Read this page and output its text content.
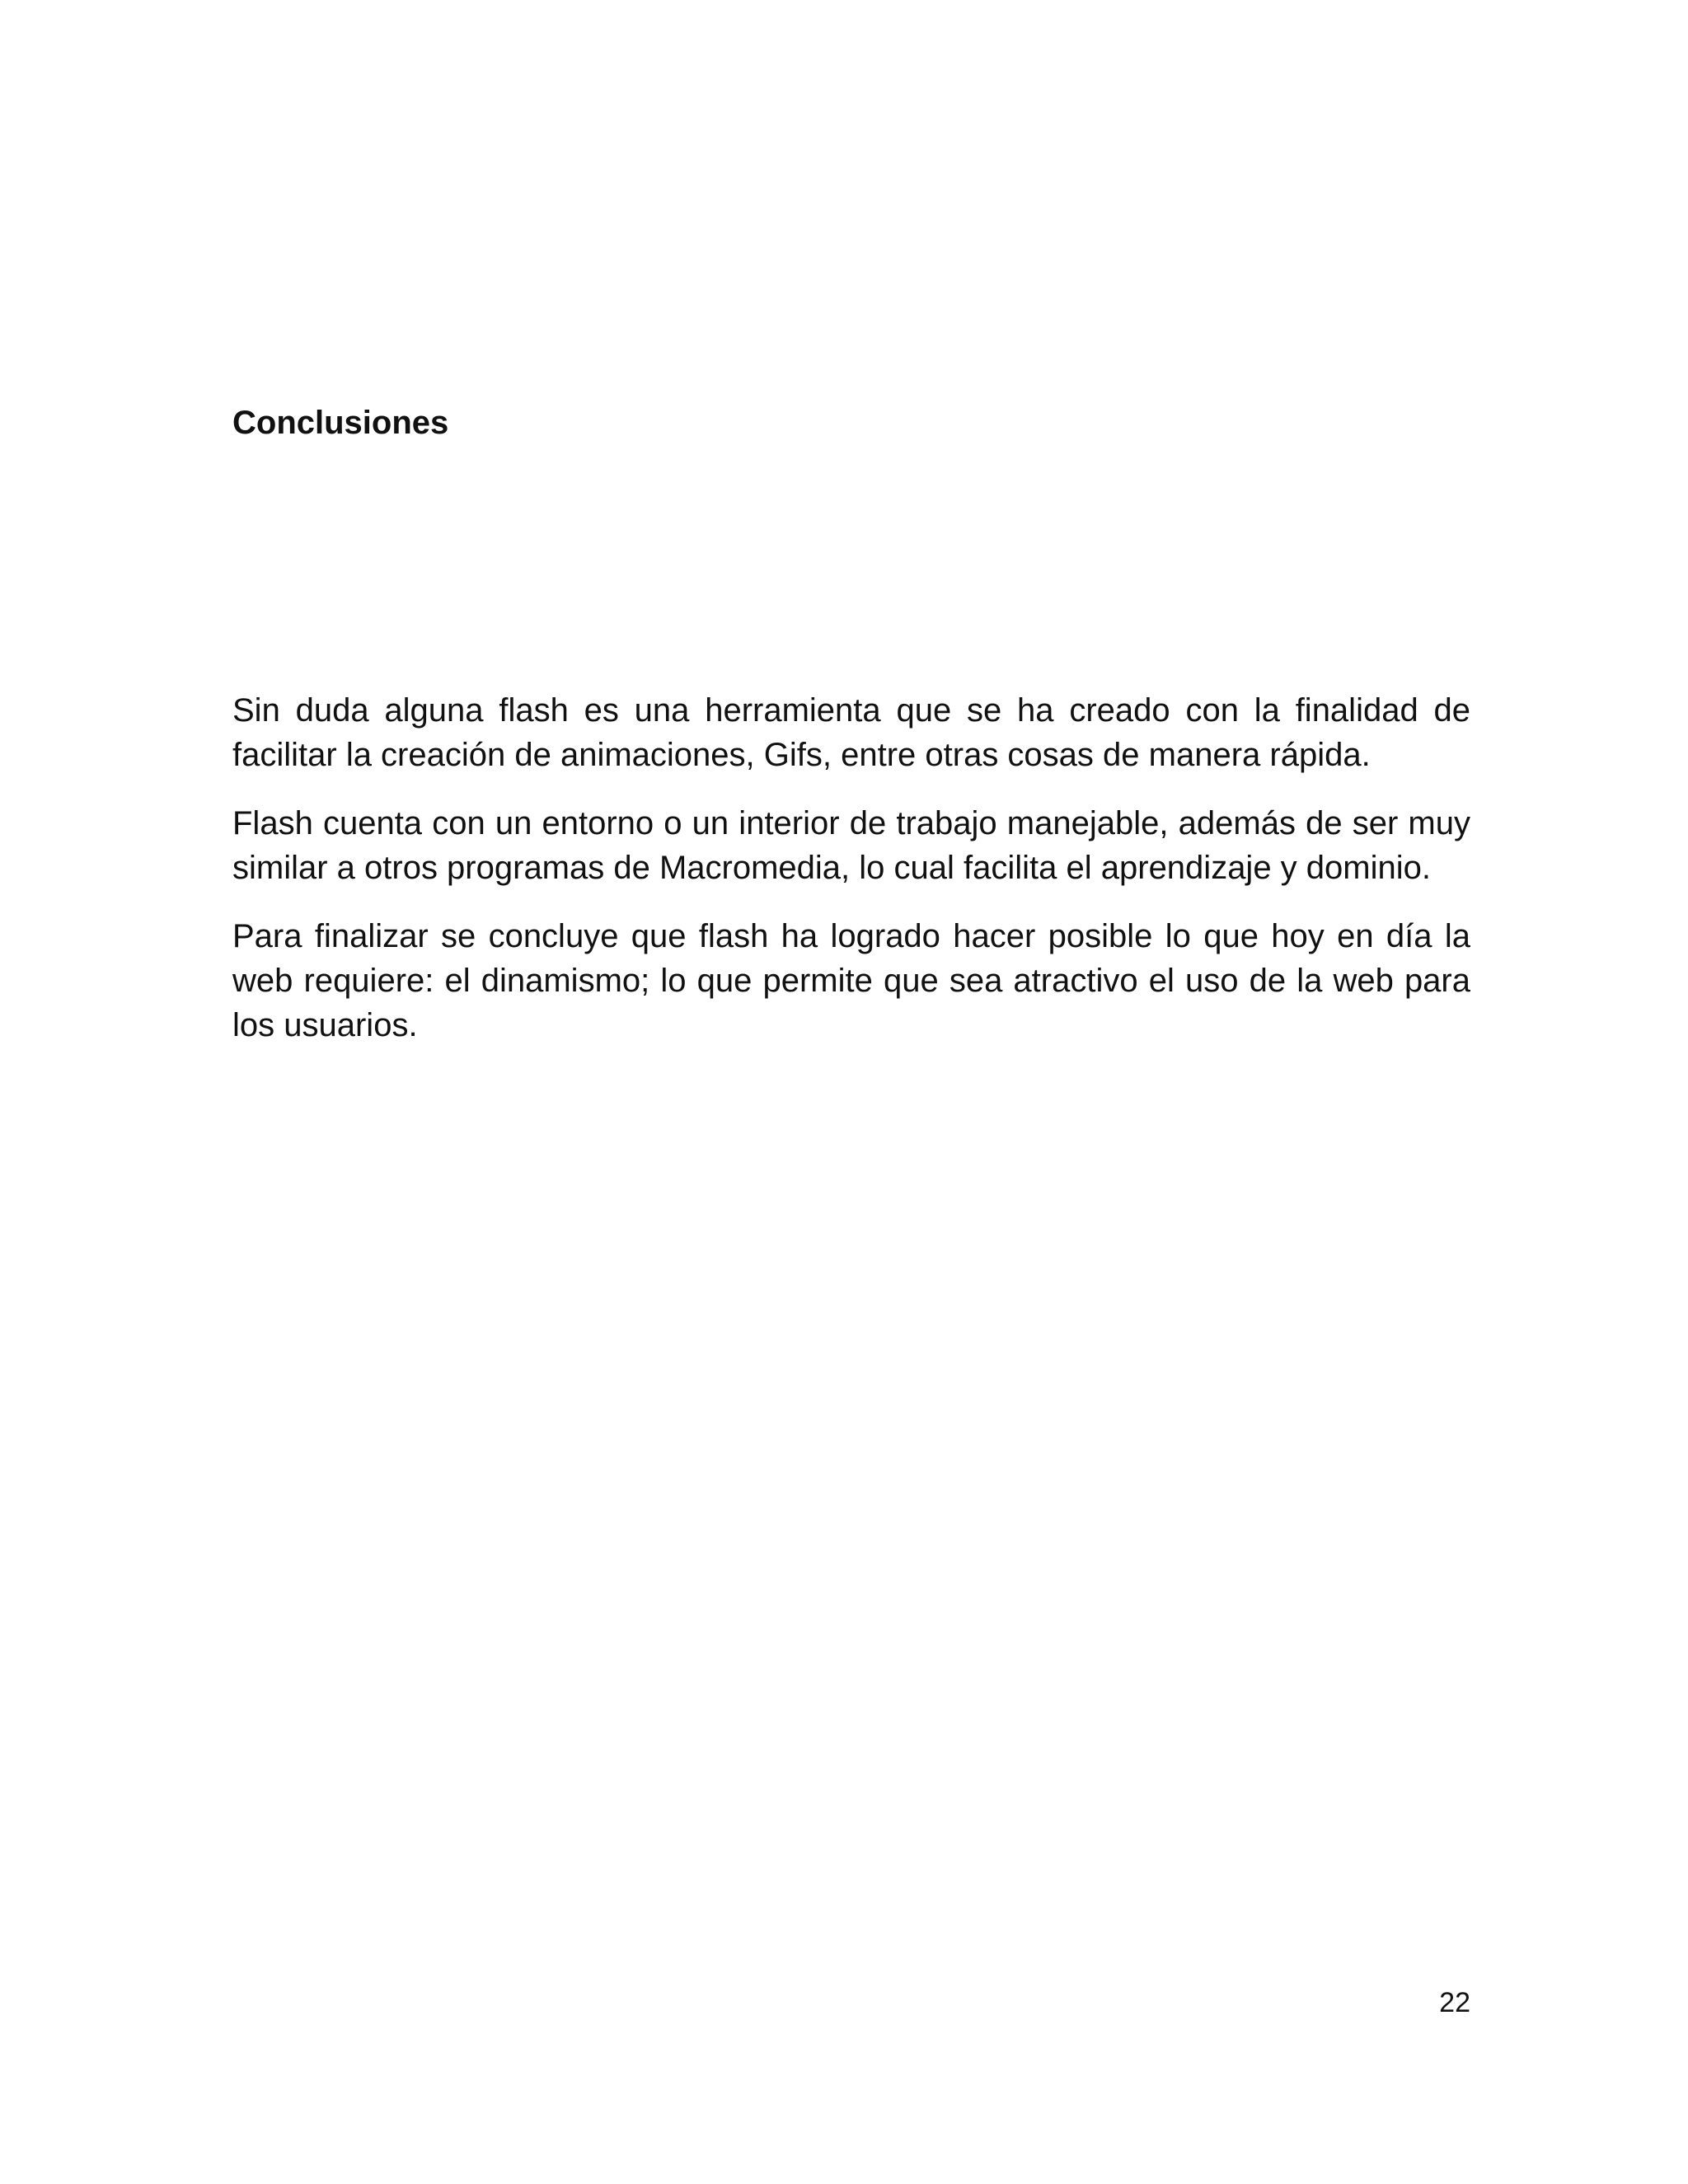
Conclusiones

Sin duda alguna flash es una herramienta que se ha creado con la finalidad de facilitar la creación de animaciones, Gifs, entre otras cosas de manera rápida.

Flash cuenta con un entorno o un interior de trabajo manejable, además de ser muy similar a otros programas de Macromedia, lo cual facilita el aprendizaje y dominio.

Para finalizar se concluye que flash ha logrado hacer posible lo que hoy en día la web requiere: el dinamismo; lo que permite que sea atractivo el uso de la web para los usuarios.

22
